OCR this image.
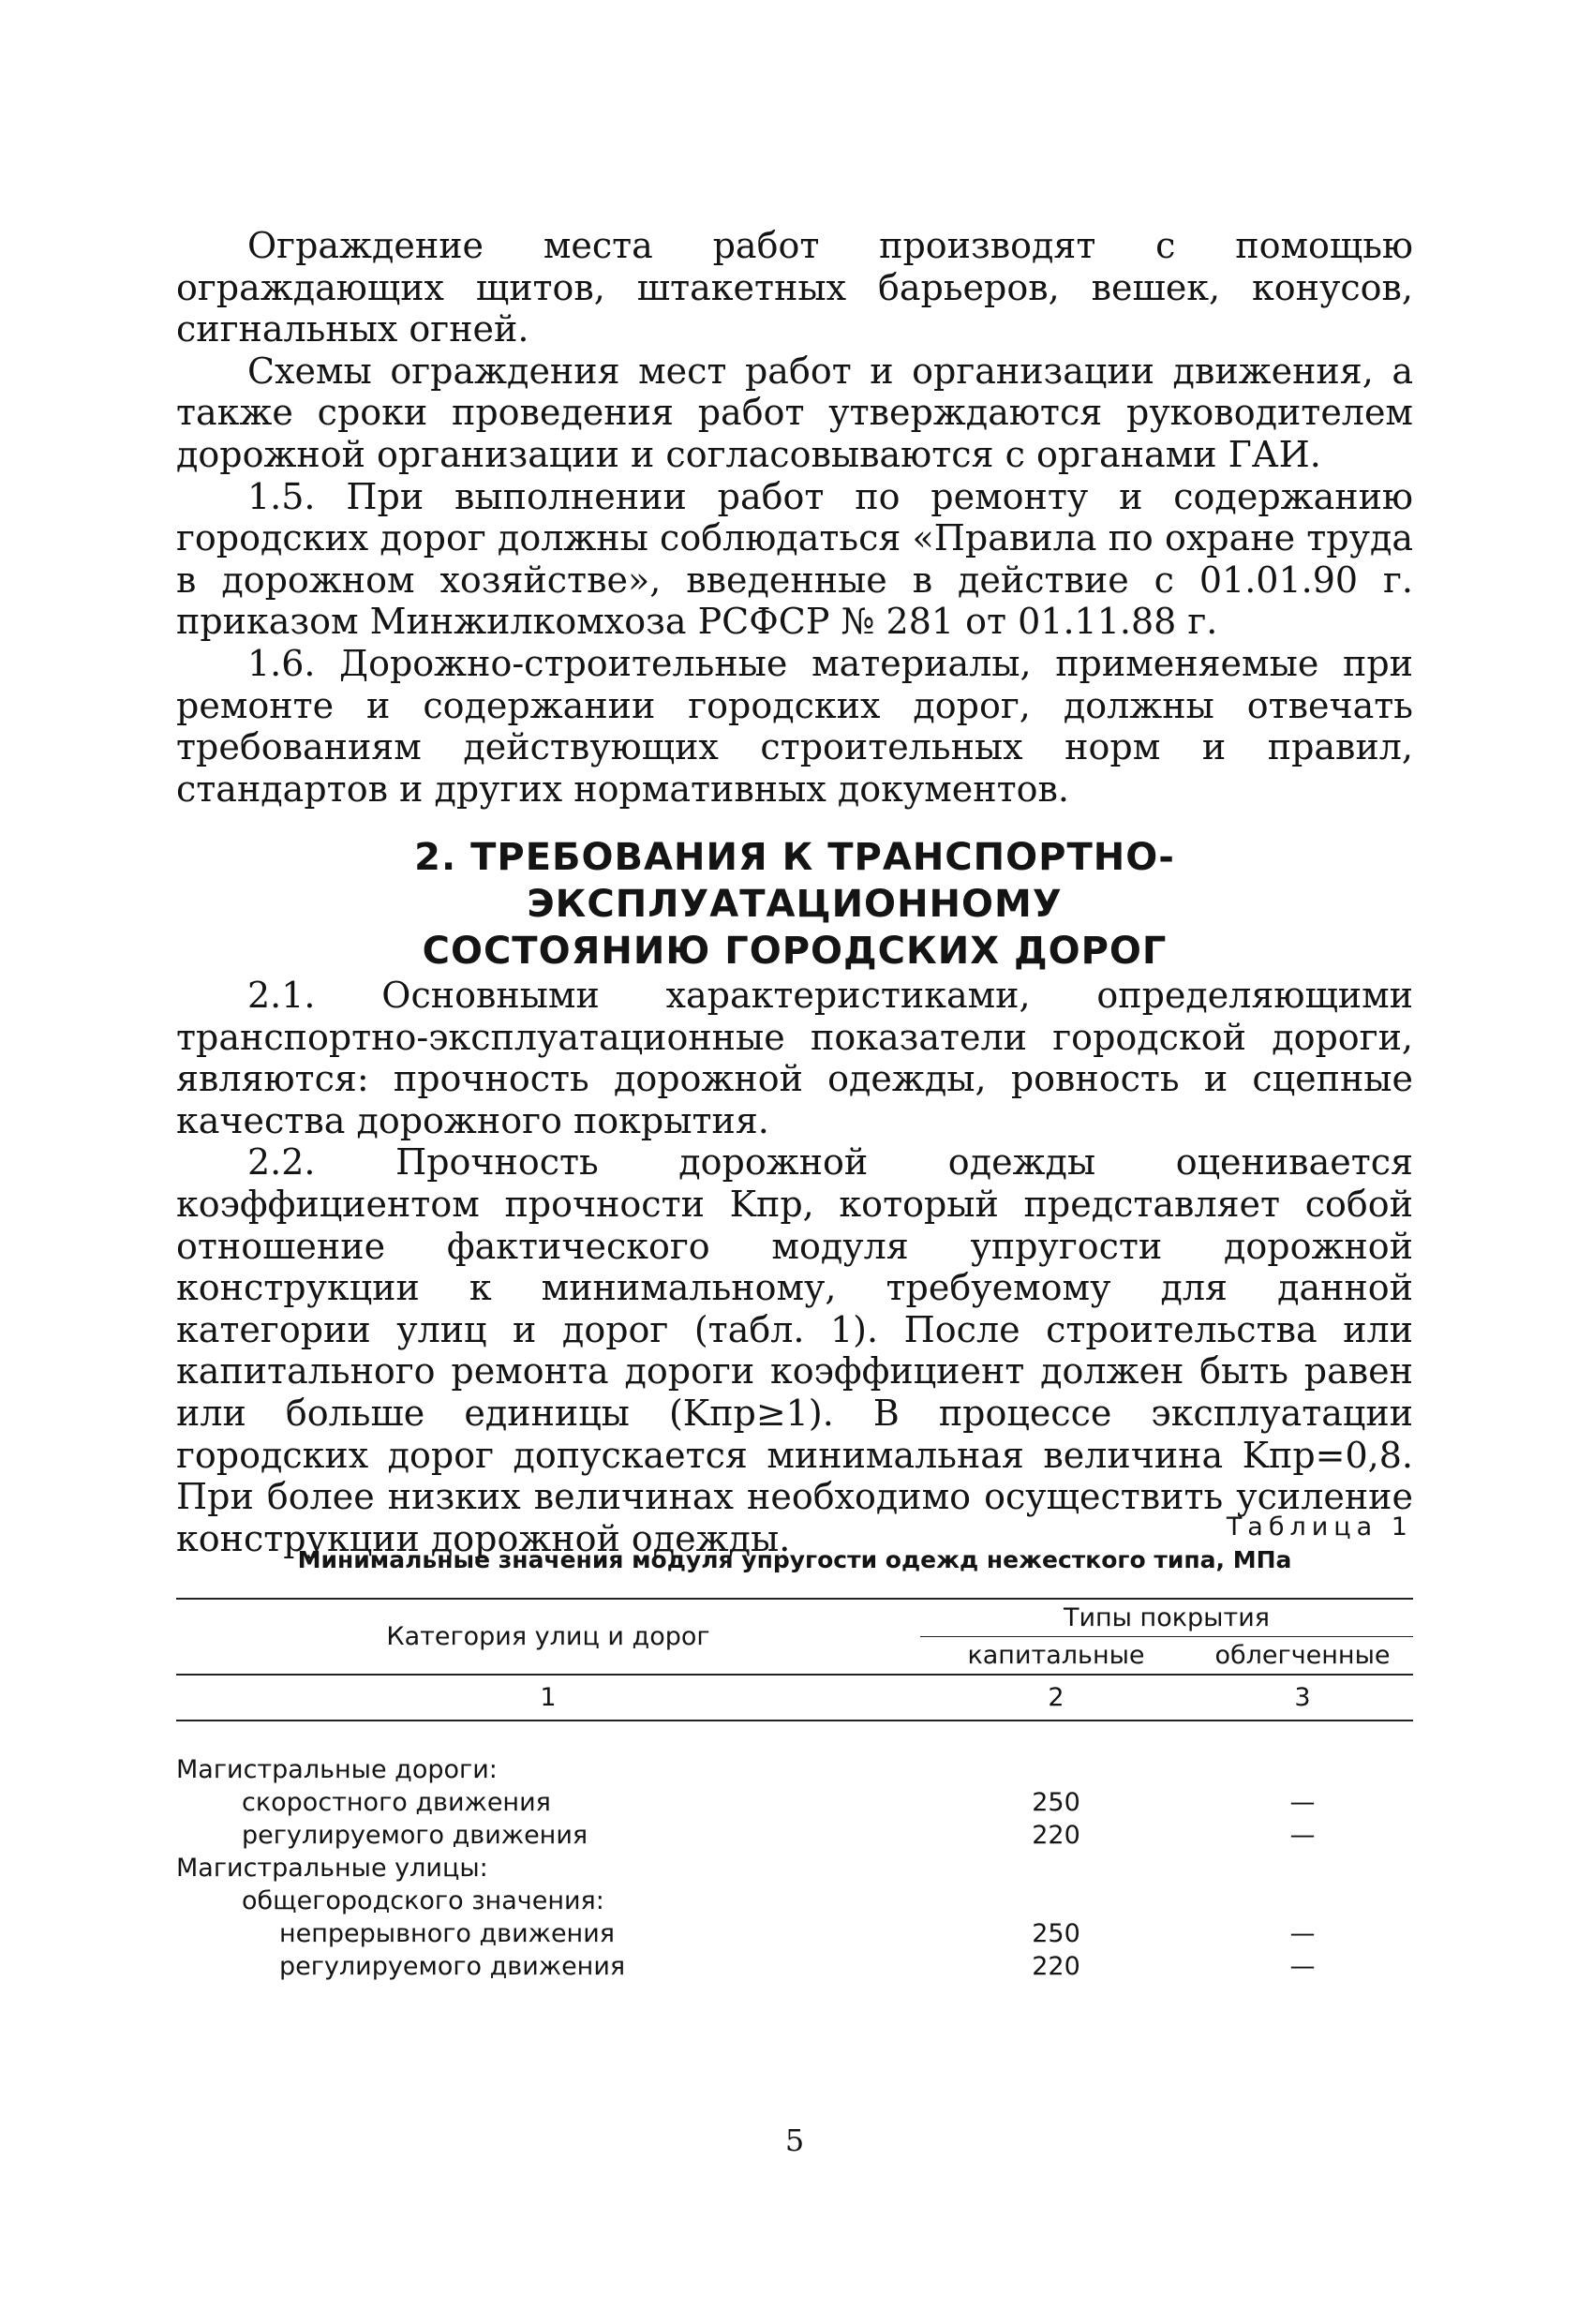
Ограждение места работ производят с помощью ограждающих щитов, штакетных барьеров, вешек, конусов, сигнальных огней.

Схемы ограждения мест работ и организации движения, а также сроки проведения работ утверждаются руководителем дорожной организации и согласовываются с органами ГАИ.

1.5. При выполнении работ по ремонту и содержанию городских дорог должны соблюдаться «Правила по охране труда в дорожном хозяйстве», введенные в действие с 01.01.90 г. приказом Минжилкомхоза РСФСР № 281 от 01.11.88 г.

1.6. Дорожно-строительные материалы, применяемые при ремонте и содержании городских дорог, должны отвечать требованиям действующих строительных норм и правил, стандартов и других нормативных документов.

2. ТРЕБОВАНИЯ К ТРАНСПОРТНО-ЭКСПЛУАТАЦИОННОМУ
СОСТОЯНИЮ ГОРОДСКИХ ДОРОГ

2.1. Основными характеристиками, определяющими транспортно-эксплуатационные показатели городской дороги, являются: прочность дорожной одежды, ровность и сцепные качества дорожного покрытия.

2.2. Прочность дорожной одежды оценивается коэффициентом прочности Kпр, который представляет собой отношение фактического модуля упругости дорожной конструкции к минимальному, требуемому для данной категории улиц и дорог (табл. 1). После строительства или капитального ремонта дороги коэффициент должен быть равен или больше единицы (Kпр≥1). В процессе эксплуатации городских дорог допускается минимальная величина Kпр=0,8. При более низких величинах необходимо осуществить усиление конструкции дорожной одежды.	Таблица 1
Минимальные значения модуля упругости одежд нежесткого типа, МПа
Категория улиц и дорог	Типы покрытия	
	капитальные	облегченные
1	2	3
Магистральные дороги:		
скоростного движения	250	—
регулируемого движения	220	—
Магистральные улицы:		
общегородского значения:		
непрерывного движения	250	—
регулируемого движения	220	—
5
